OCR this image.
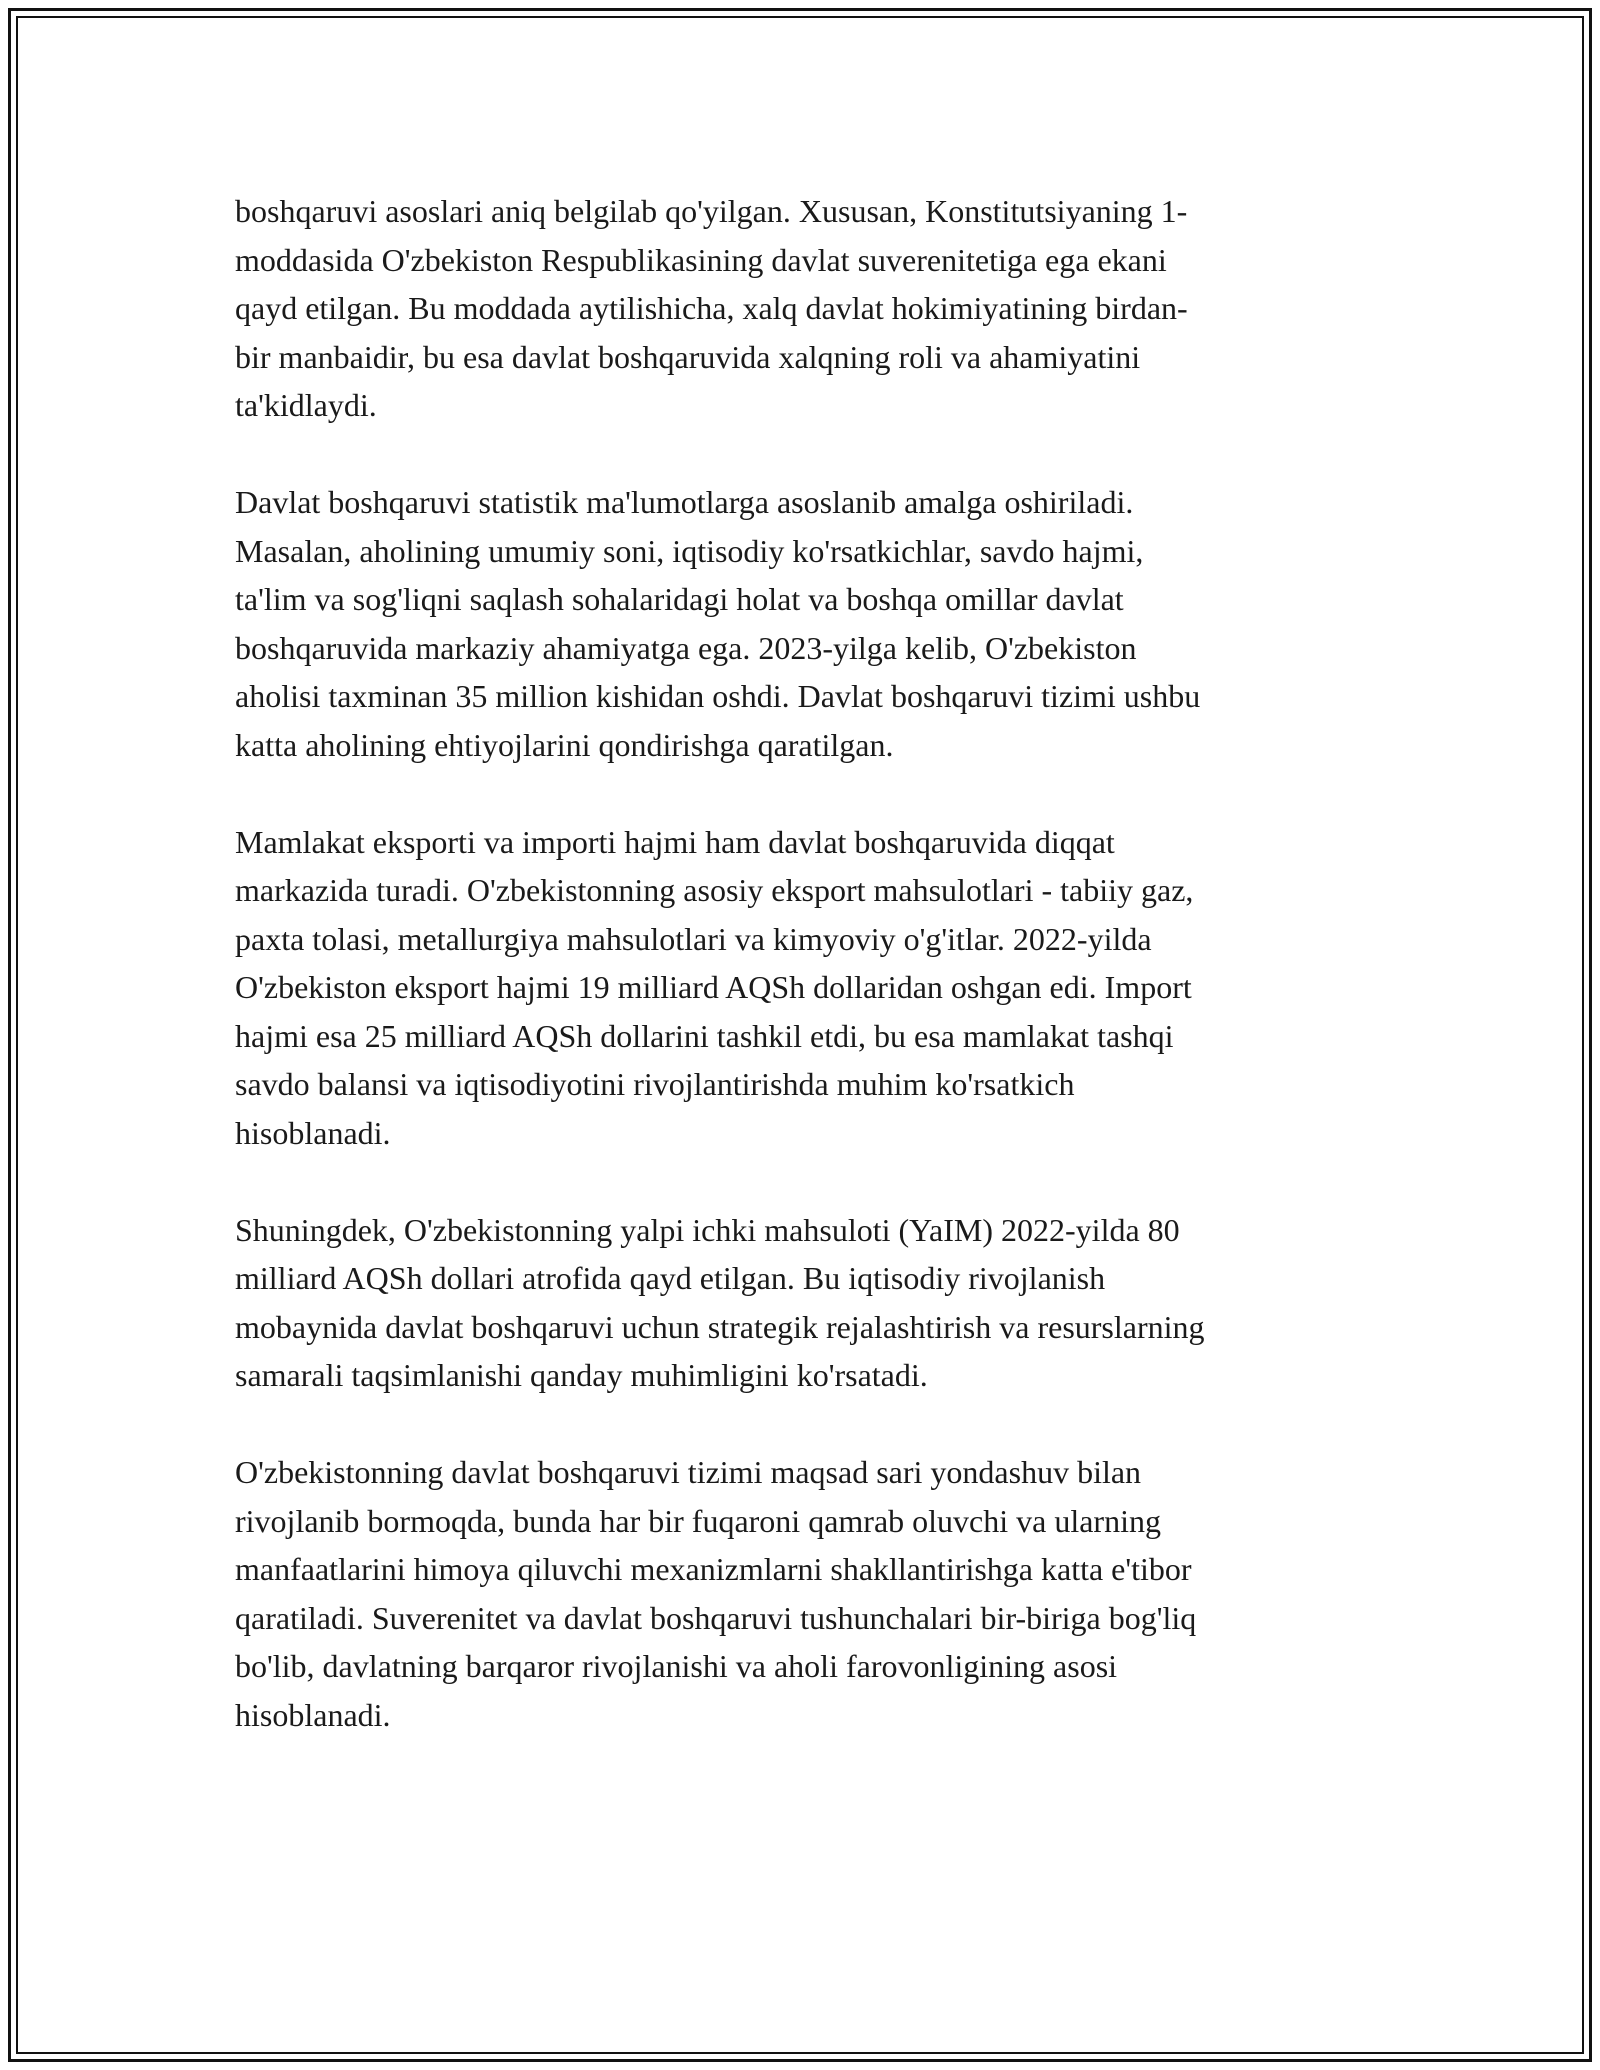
boshqaruvi asoslari aniq belgilab qo'yilgan. Xususan, Konstitutsiyaning 1-
moddasida O'zbekiston Respublikasining davlat suverenitetiga ega ekani
qayd etilgan. Bu moddada aytilishicha, xalq davlat hokimiyatining birdan-
bir manbaidir, bu esa davlat boshqaruvida xalqning roli va ahamiyatini
ta'kidlaydi.

Davlat boshqaruvi statistik ma'lumotlarga asoslanib amalga oshiriladi.
Masalan, aholining umumiy soni, iqtisodiy ko'rsatkichlar, savdo hajmi,
ta'lim va sog'liqni saqlash sohalaridagi holat va boshqa omillar davlat
boshqaruvida markaziy ahamiyatga ega. 2023-yilga kelib, O'zbekiston
aholisi taxminan 35 million kishidan oshdi. Davlat boshqaruvi tizimi ushbu
katta aholining ehtiyojlarini qondirishga qaratilgan.

Mamlakat eksporti va importi hajmi ham davlat boshqaruvida diqqat
markazida turadi. O'zbekistonning asosiy eksport mahsulotlari - tabiiy gaz,
paxta tolasi, metallurgiya mahsulotlari va kimyoviy o'g'itlar. 2022-yilda
O'zbekiston eksport hajmi 19 milliard AQSh dollaridan oshgan edi. Import
hajmi esa 25 milliard AQSh dollarini tashkil etdi, bu esa mamlakat tashqi
savdo balansi va iqtisodiyotini rivojlantirishda muhim ko'rsatkich
hisoblanadi.

Shuningdek, O'zbekistonning yalpi ichki mahsuloti (YaIM) 2022-yilda 80
milliard AQSh dollari atrofida qayd etilgan. Bu iqtisodiy rivojlanish
mobaynida davlat boshqaruvi uchun strategik rejalashtirish va resurslarning
samarali taqsimlanishi qanday muhimligini ko'rsatadi.

O'zbekistonning davlat boshqaruvi tizimi maqsad sari yondashuv bilan
rivojlanib bormoqda, bunda har bir fuqaroni qamrab oluvchi va ularning
manfaatlarini himoya qiluvchi mexanizmlarni shakllantirishga katta e'tibor
qaratiladi. Suverenitet va davlat boshqaruvi tushunchalari bir-biriga bog'liq
bo'lib, davlatning barqaror rivojlanishi va aholi farovonligining asosi
hisoblanadi.
